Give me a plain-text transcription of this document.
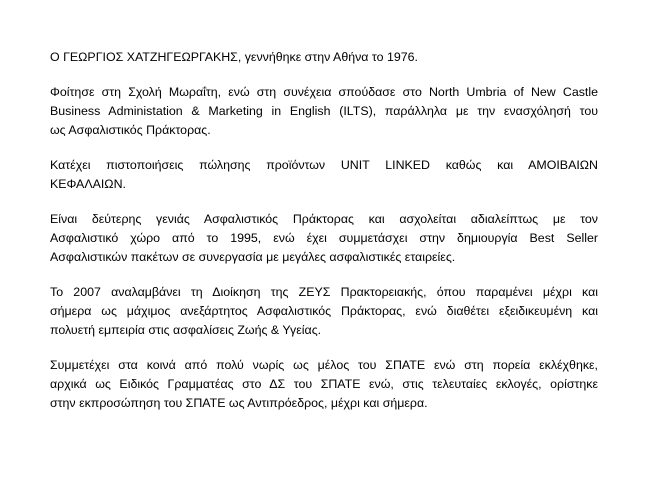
Ο ΓΕΩΡΓΙΟΣ ΧΑΤΖΗΓΕΩΡΓΑΚΗΣ, γεννήθηκε στην Αθήνα το 1976.

Φοίτησε στη Σχολή Μωραΐτη, ενώ στη συνέχεια σπούδασε στο North Umbria of New Castle
Business Administation & Marketing in English (ILTS), παράλληλα με την ενασχόλησή του
ως Ασφαλιστικός Πράκτορας.

Κατέχει πιστοποιήσεις πώλησης προϊόντων UNIT LINKED καθώς και ΑΜΟΙΒΑΙΩΝ
ΚΕΦΑΛΑΙΩΝ.

Είναι δεύτερης γενιάς Ασφαλιστικός Πράκτορας και ασχολείται αδιαλείπτως με τον
Ασφαλιστικό χώρο από το 1995, ενώ έχει συμμετάσχει στην δημιουργία Best Seller
Ασφαλιστικών πακέτων σε συνεργασία με μεγάλες ασφαλιστικές εταιρείες.

Το 2007 αναλαμβάνει τη Διοίκηση της ΖΕΥΣ Πρακτορειακής, όπου παραμένει μέχρι και
σήμερα ως μάχιμος ανεξάρτητος Ασφαλιστικός Πράκτορας, ενώ διαθέτει εξειδικευμένη και
πολυετή εμπειρία στις ασφαλίσεις Ζωής & Υγείας.

Συμμετέχει στα κοινά από πολύ νωρίς ως μέλος του ΣΠΑΤΕ ενώ στη πορεία εκλέχθηκε,
αρχικά ως Ειδικός Γραμματέας στο ΔΣ του ΣΠΑΤΕ ενώ, στις τελευταίες εκλογές, ορίστηκε
στην εκπροσώπηση του ΣΠΑΤΕ ως Αντιπρόεδρος, μέχρι και σήμερα.
